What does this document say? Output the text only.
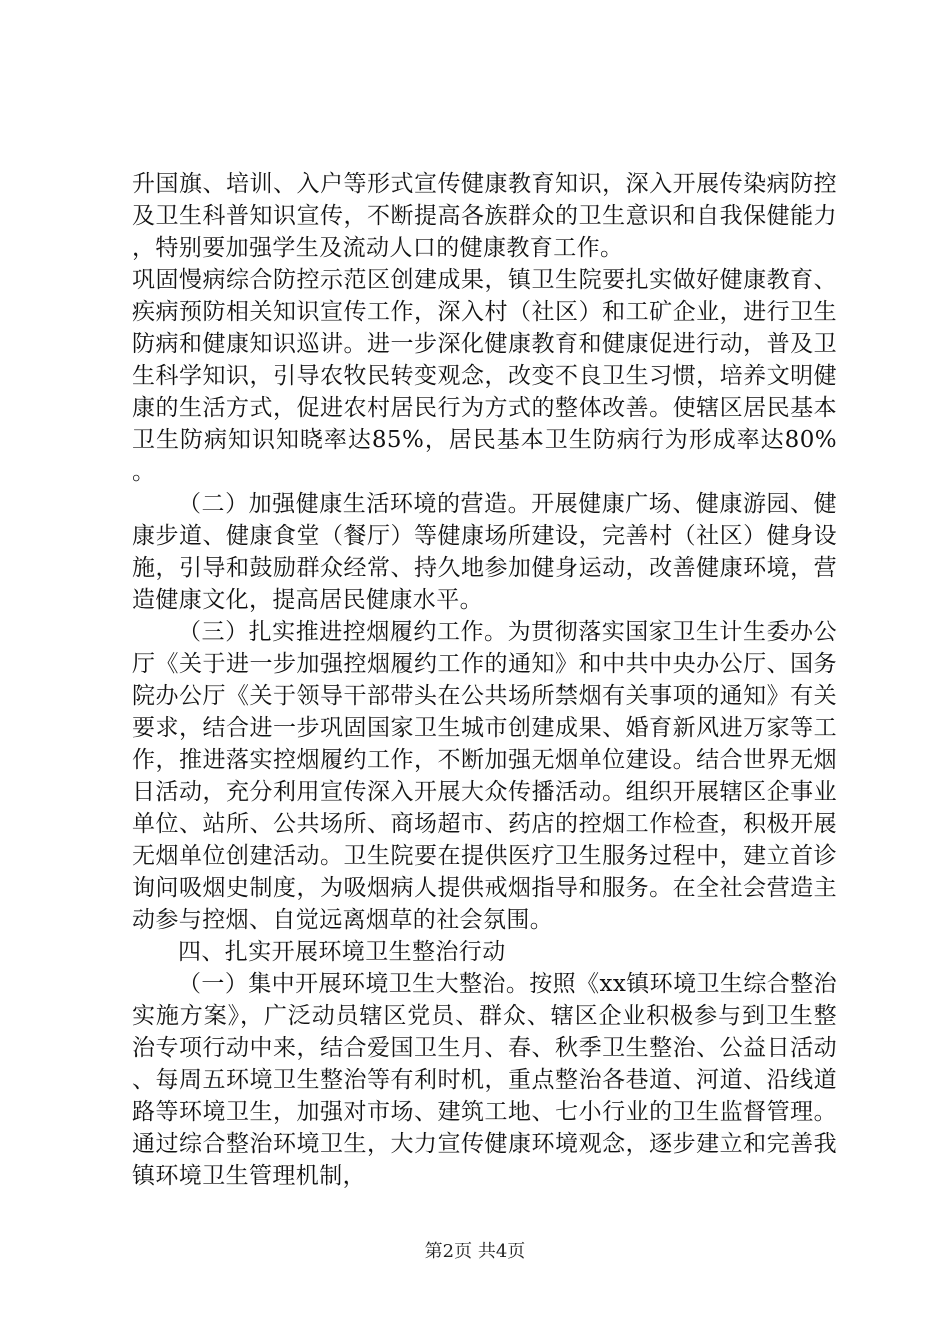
升国旗、培训、入户等形式宣传健康教育知识，深入开展传染病防控及卫生科普知识宣传，不断提高各族群众的卫生意识和自我保健能力，特别要加强学生及流动人口的健康教育工作。

巩固慢病综合防控示范区创建成果，镇卫生院要扎实做好健康教育、疾病预防相关知识宣传工作，深入村（社区）和工矿企业，进行卫生防病和健康知识巡讲。进一步深化健康教育和健康促进行动，普及卫生科学知识，引导农牧民转变观念，改变不良卫生习惯，培养文明健康的生活方式，促进农村居民行为方式的整体改善。使辖区居民基本卫生防病知识知晓率达85%，居民基本卫生防病行为形成率达80%。

（二）加强健康生活环境的营造。开展健康广场、健康游园、健康步道、健康食堂（餐厅）等健康场所建设，完善村（社区）健身设施，引导和鼓励群众经常、持久地参加健身运动，改善健康环境，营造健康文化，提高居民健康水平。

（三）扎实推进控烟履约工作。为贯彻落实国家卫生计生委办公厅《关于进一步加强控烟履约工作的通知》和中共中央办公厅、国务院办公厅《关于领导干部带头在公共场所禁烟有关事项的通知》有关要求，结合进一步巩固国家卫生城市创建成果、婚育新风进万家等工作，推进落实控烟履约工作，不断加强无烟单位建设。结合世界无烟日活动，充分利用宣传深入开展大众传播活动。组织开展辖区企事业单位、站所、公共场所、商场超市、药店的控烟工作检查，积极开展无烟单位创建活动。卫生院要在提供医疗卫生服务过程中，建立首诊询问吸烟史制度，为吸烟病人提供戒烟指导和服务。在全社会营造主动参与控烟、自觉远离烟草的社会氛围。

四、扎实开展环境卫生整治行动

（一）集中开展环境卫生大整治。按照《xx镇环境卫生综合整治实施方案》，广泛动员辖区党员、群众、辖区企业积极参与到卫生整治专项行动中来，结合爱国卫生月、春、秋季卫生整治、公益日活动、每周五环境卫生整治等有利时机，重点整治各巷道、河道、沿线道路等环境卫生，加强对市场、建筑工地、七小行业的卫生监督管理。通过综合整治环境卫生，大力宣传健康环境观念，逐步建立和完善我镇环境卫生管理机制，

第2页 共4页
